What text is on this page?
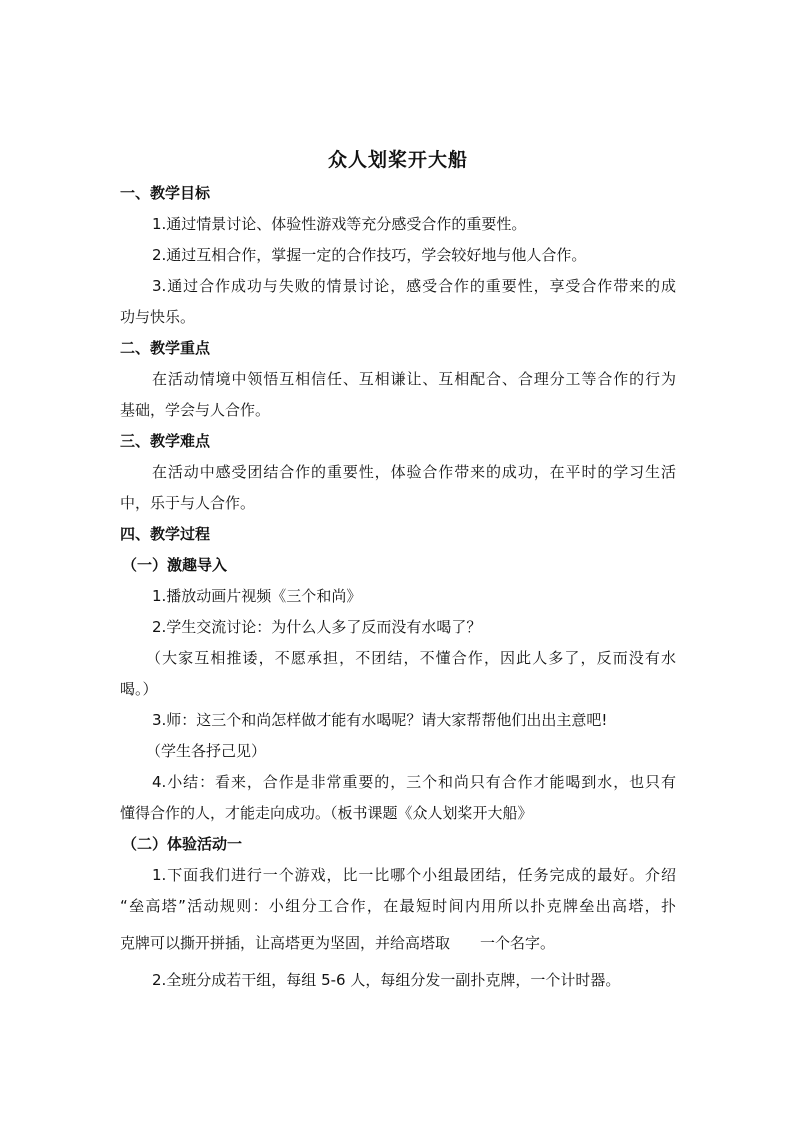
众人划桨开大船
一、教学目标
1.通过情景讨论、体验性游戏等充分感受合作的重要性。
2.通过互相合作，掌握一定的合作技巧，学会较好地与他人合作。
3.通过合作成功与失败的情景讨论，感受合作的重要性，享受合作带来的成
功与快乐。
二、教学重点
在活动情境中领悟互相信任、互相谦让、互相配合、合理分工等合作的行为
基础，学会与人合作。
三、教学难点
在活动中感受团结合作的重要性，体验合作带来的成功，在平时的学习生活
中，乐于与人合作。
四、教学过程
（一）激趣导入
1.播放动画片视频《三个和尚》
2.学生交流讨论：为什么人多了反而没有水喝了？
（大家互相推诿，不愿承担，不团结，不懂合作，因此人多了，反而没有水
喝。）
3.师：这三个和尚怎样做才能有水喝呢？请大家帮帮他们出出主意吧!
（学生各抒己见）
4.小结：看来，合作是非常重要的，三个和尚只有合作才能喝到水，也只有
懂得合作的人，才能走向成功。（板书课题《众人划桨开大船》
（二）体验活动一
1.下面我们进行一个游戏，比一比哪个小组最团结，任务完成的最好。介绍
“垒高塔”活动规则：小组分工合作，在最短时间内用所以扑克牌垒出高塔，扑
克牌可以撕开拼插，让高塔更为坚固，并给高塔取　　一个名字。
2.全班分成若干组，每组 5-6 人，每组分发一副扑克牌，一个计时器。
